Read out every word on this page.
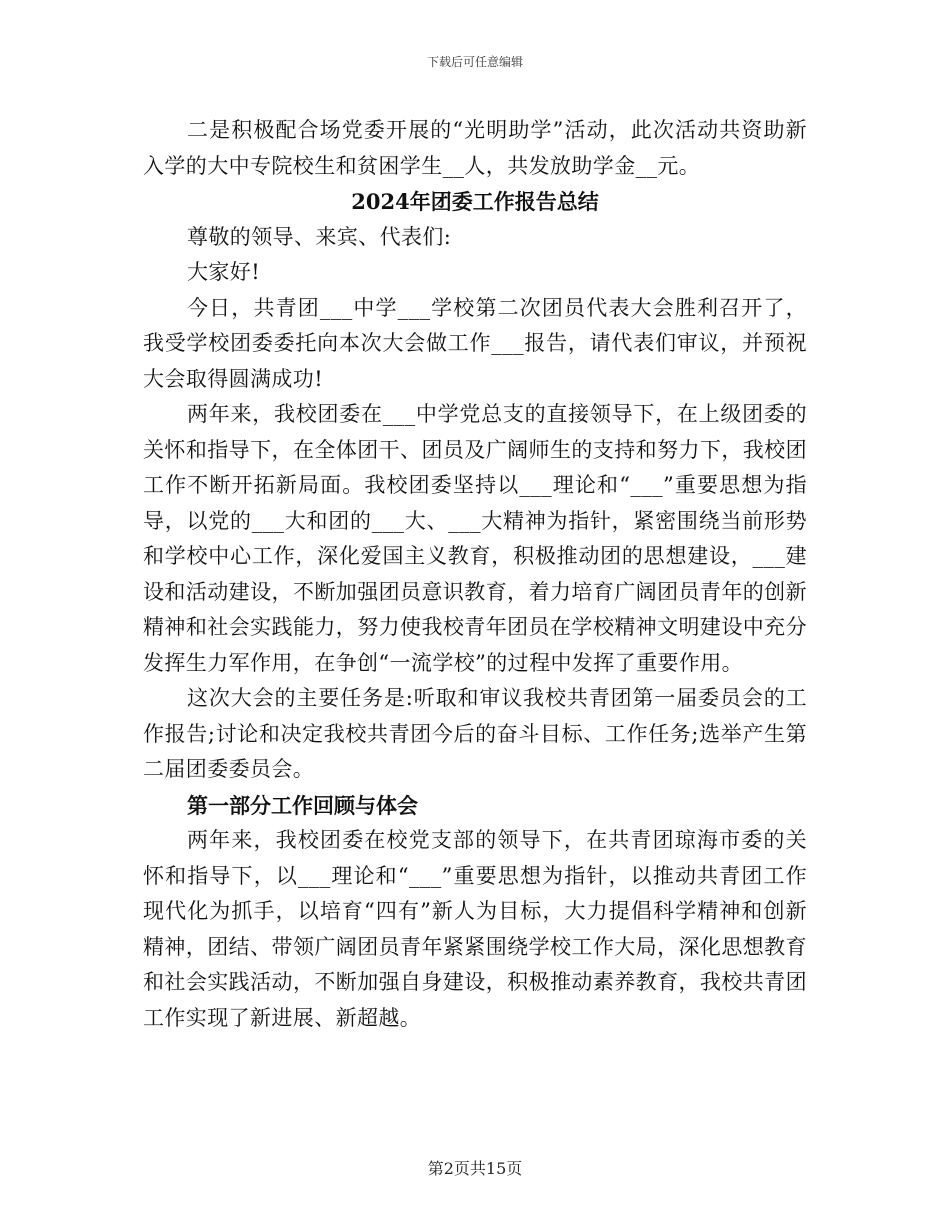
下载后可任意编辑

二是积极配合场党委开展的“光明助学”活动，此次活动共资助新入学的大中专院校生和贫困学生__人，共发放助学金__元。

2024年团委工作报告总结

尊敬的领导、来宾、代表们:

大家好!

今日，共青团___中学___学校第二次团员代表大会胜利召开了，我受学校团委委托向本次大会做工作___报告，请代表们审议，并预祝大会取得圆满成功!

两年来，我校团委在___中学党总支的直接领导下，在上级团委的关怀和指导下，在全体团干、团员及广阔师生的支持和努力下，我校团工作不断开拓新局面。我校团委坚持以___理论和“___”重要思想为指导，以党的___大和团的___大、___大精神为指针，紧密围绕当前形势和学校中心工作，深化爱国主义教育，积极推动团的思想建设，___建设和活动建设，不断加强团员意识教育，着力培育广阔团员青年的创新精神和社会实践能力，努力使我校青年团员在学校精神文明建设中充分发挥生力军作用，在争创“一流学校”的过程中发挥了重要作用。

这次大会的主要任务是:听取和审议我校共青团第一届委员会的工作报告;讨论和决定我校共青团今后的奋斗目标、工作任务;选举产生第二届团委委员会。

第一部分工作回顾与体会

两年来，我校团委在校党支部的领导下，在共青团琼海市委的关怀和指导下，以___理论和“___”重要思想为指针，以推动共青团工作现代化为抓手，以培育“四有”新人为目标，大力提倡科学精神和创新精神，团结、带领广阔团员青年紧紧围绕学校工作大局，深化思想教育和社会实践活动，不断加强自身建设，积极推动素养教育，我校共青团工作实现了新进展、新超越。

第2页共15页
